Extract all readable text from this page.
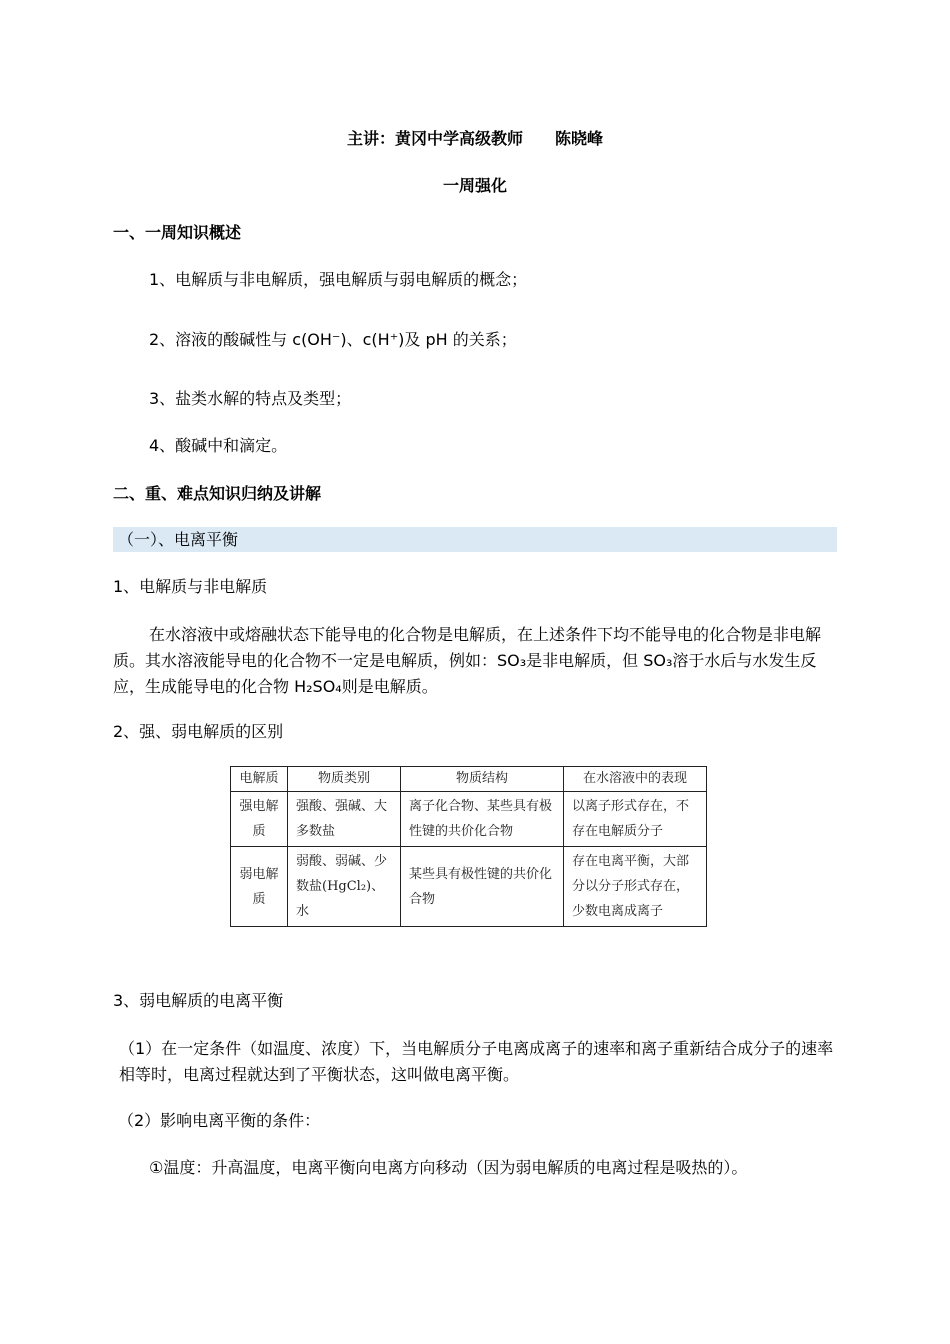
主讲：黄冈中学高级教师　　陈晓峰
一周强化
一、一周知识概述
1、电解质与非电解质，强电解质与弱电解质的概念；
2、溶液的酸碱性与 c(OH⁻)、c(H⁺)及 pH 的关系；
3、盐类水解的特点及类型；
4、酸碱中和滴定。
二、重、难点知识归纳及讲解
（一）、电离平衡
1、电解质与非电解质
在水溶液中或熔融状态下能导电的化合物是电解质，在上述条件下均不能导电的化合物是非电解质。其水溶液能导电的化合物不一定是电解质，例如：SO₃是非电解质，但 SO₃溶于水后与水发生反应，生成能导电的化合物 H₂SO₄则是电解质。
2、强、弱电解质的区别
电解质	物质类别	物质结构	在水溶液中的表现
强电解质	强酸、强碱、大多数盐	离子化合物、某些具有极性键的共价化合物	以离子形式存在，不存在电解质分子
弱电解质	弱酸、弱碱、少数盐(HgCl₂)、水	某些具有极性键的共价化合物	存在电离平衡，大部分以分子形式存在，少数电离成离子
3、弱电解质的电离平衡
（1）在一定条件（如温度、浓度）下，当电解质分子电离成离子的速率和离子重新结合成分子的速率相等时，电离过程就达到了平衡状态，这叫做电离平衡。
（2）影响电离平衡的条件：
①温度：升高温度，电离平衡向电离方向移动（因为弱电解质的电离过程是吸热的）。
